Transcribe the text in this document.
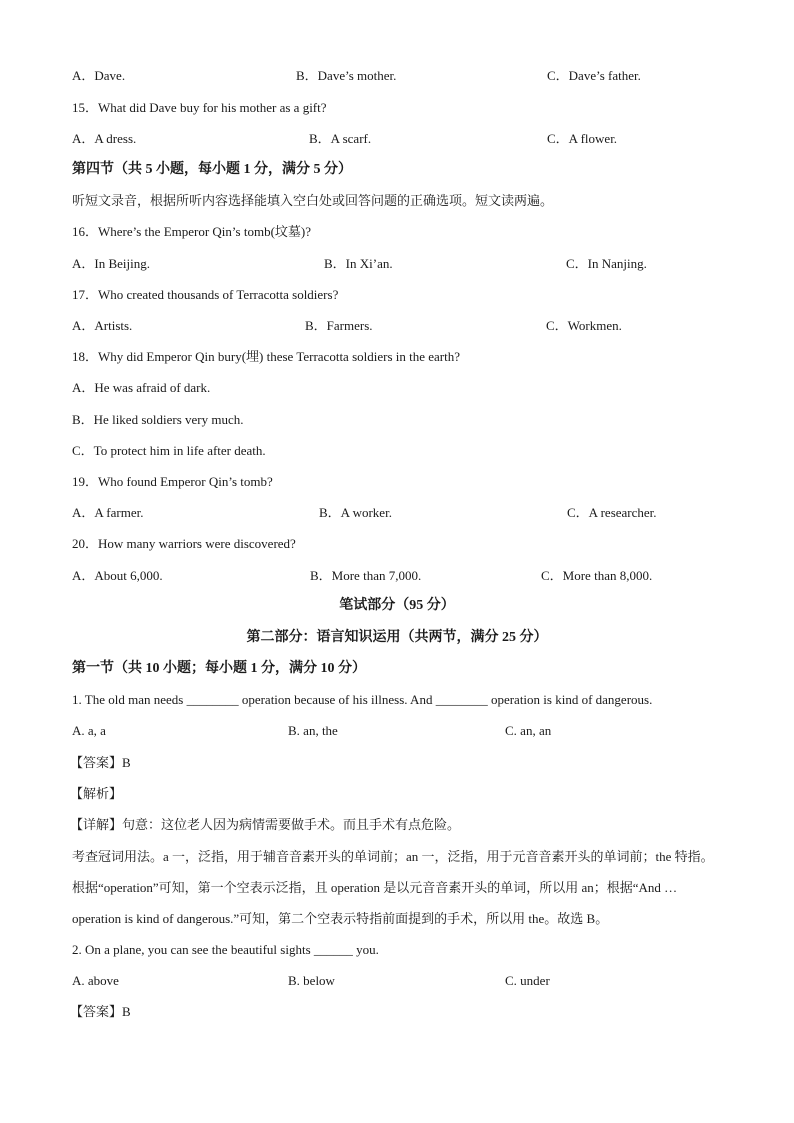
A．Dave.	B．Dave’s mother.	C．Dave’s father.
15．What did Dave buy for his mother as a gift?
A．A dress.	B．A scarf.	C．A flower.
第四节（共 5 小题，每小题 1 分，满分 5 分）
听短文录音，根据所听内容选择能填入空白处或回答问题的正确选项。短文读两遍。
16．Where’s the Emperor Qin’s tomb(坟墓)?
A．In Beijing.	B．In Xi’an.	C．In Nanjing.
17．Who created thousands of Terracotta soldiers?
A．Artists.	B．Farmers.	C．Workmen.
18．Why did Emperor Qin bury(埋) these Terracotta soldiers in the earth?
A．He was afraid of dark.
B．He liked soldiers very much.
C．To protect him in life after death.
19．Who found Emperor Qin’s tomb?
A．A farmer.	B．A worker.	C．A researcher.
20．How many warriors were discovered?
A．About 6,000.	B．More than 7,000.	C．More than 8,000.
笔试部分（95 分）
第二部分：语言知识运用（共两节，满分 25 分）
第一节（共 10 小题；每小题 1 分，满分 10 分）
1. The old man needs ________ operation because of his illness. And ________ operation is kind of dangerous.
A. a, a	B. an, the	C. an, an
【答案】B
【解析】
【详解】句意：这位老人因为病情需要做手术。而且手术有点危险。
考查冠词用法。a 一，泛指，用于辅音音素开头的单词前；an 一，泛指，用于元音音素开头的单词前；the 特指。根据“operation”可知，第一个空表示泛指，且 operation 是以元音音素开头的单词，所以用 an；根据“And … operation is kind of dangerous.”可知，第二个空表示特指前面提到的手术，所以用 the。故选 B。
2. On a plane, you can see the beautiful sights ______ you.
A. above	B. below	C. under
【答案】B
